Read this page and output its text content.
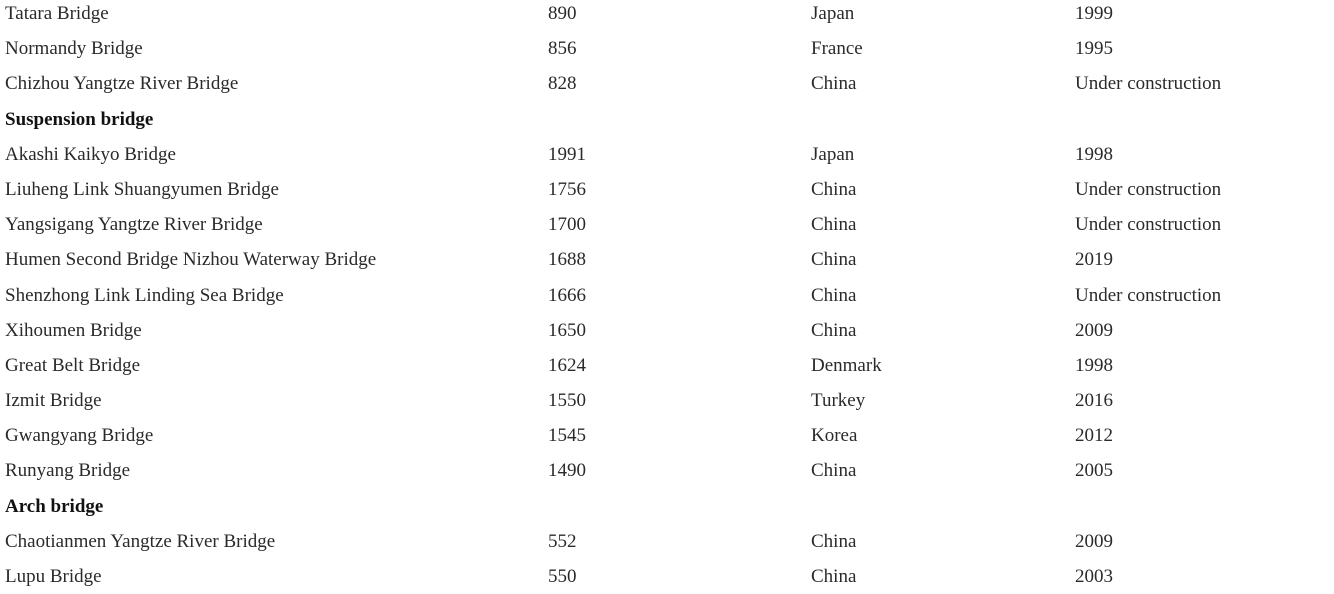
Tatara Bridge	890	Japan	1999
Normandy Bridge	856	France	1995
Chizhou Yangtze River Bridge	828	China	Under construction
Suspension bridge
Akashi Kaikyo Bridge	1991	Japan	1998
Liuheng Link Shuangyumen Bridge	1756	China	Under construction
Yangsigang Yangtze River Bridge	1700	China	Under construction
Humen Second Bridge Nizhou Waterway Bridge	1688	China	2019
Shenzhong Link Linding Sea Bridge	1666	China	Under construction
Xihoumen Bridge	1650	China	2009
Great Belt Bridge	1624	Denmark	1998
Izmit Bridge	1550	Turkey	2016
Gwangyang Bridge	1545	Korea	2012
Runyang Bridge	1490	China	2005
Arch bridge
Chaotianmen Yangtze River Bridge	552	China	2009
Lupu Bridge	550	China	2003
